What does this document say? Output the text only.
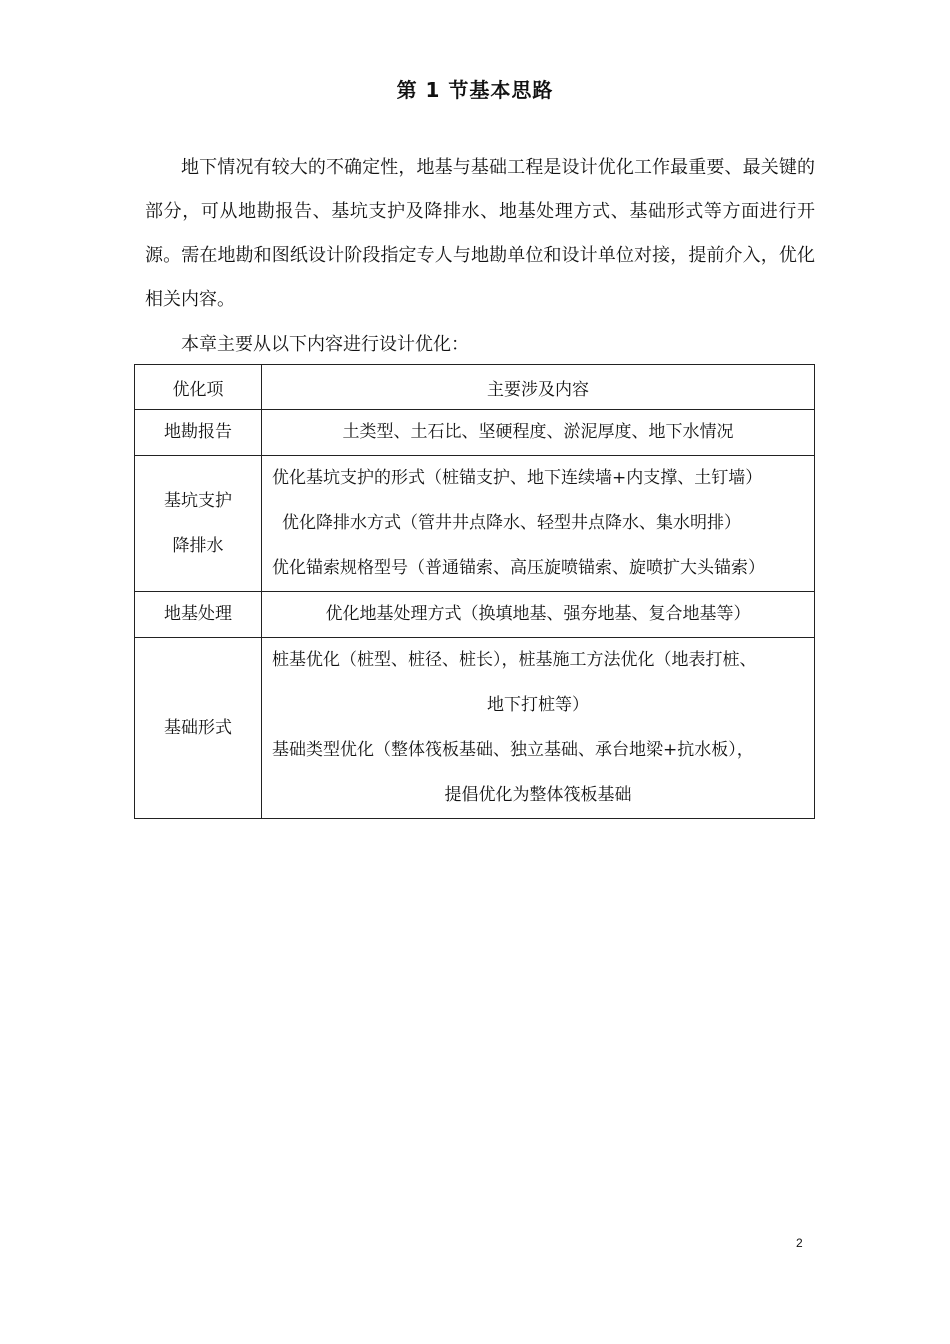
第 1 节基本思路

地下情况有较大的不确定性，地基与基础工程是设计优化工作最重要、最关键的部分，可从地勘报告、基坑支护及降排水、地基处理方式、基础形式等方面进行开源。需在地勘和图纸设计阶段指定专人与地勘单位和设计单位对接，提前介入，优化相关内容。

本章主要从以下内容进行设计优化：

优化项	主要涉及内容

地勘报告	土类型、土石比、坚硬程度、淤泥厚度、地下水情况

基坑支护
降排水	优化基坑支护的形式（桩锚支护、地下连续墙+内支撑、土钉墙）
优化降排水方式（管井井点降水、轻型井点降水、集水明排）
优化锚索规格型号（普通锚索、高压旋喷锚索、旋喷扩大头锚索）

地基处理	优化地基处理方式（换填地基、强夯地基、复合地基等）

基础形式	桩基优化（桩型、桩径、桩长），桩基施工方法优化（地表打桩、
地下打桩等）
基础类型优化（整体筏板基础、独立基础、承台地梁+抗水板），
提倡优化为整体筏板基础
2
